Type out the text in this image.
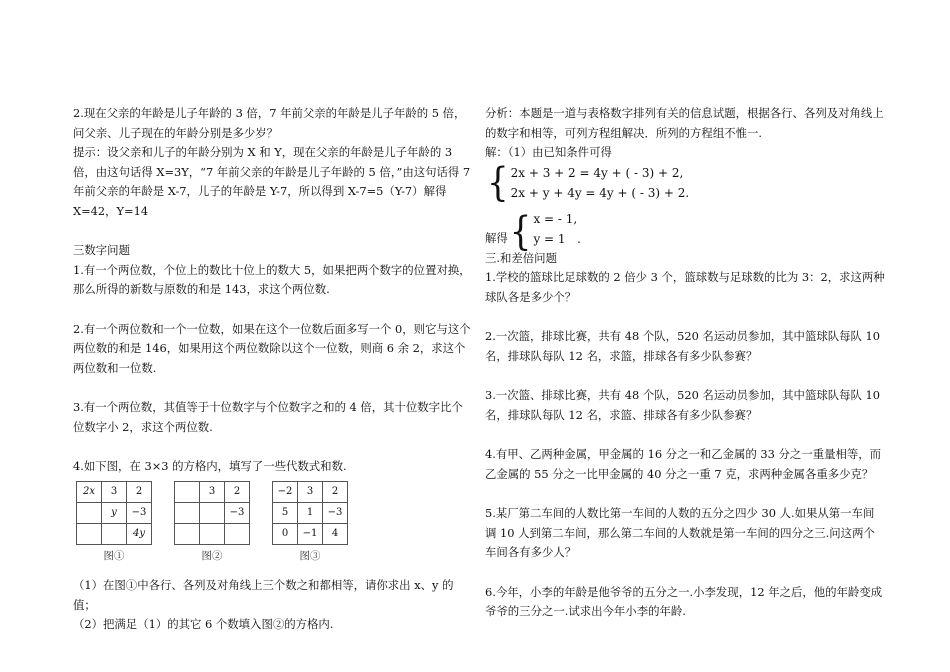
2.现在父亲的年龄是儿子年龄的 3 倍，7 年前父亲的年龄是儿子年龄的 5 倍，问父亲、儿子现在的年龄分别是多少岁？

提示：设父亲和儿子的年龄分别为 X 和 Y，现在父亲的年龄是儿子年龄的 3 倍，由这句话得 X=3Y，“7 年前父亲的年龄是儿子年龄的 5 倍，”由这句话得 7 年前父亲的年龄是 X-7，儿子的年龄是 Y-7，所以得到 X-7=5（Y-7）解得 X=42，Y=14

三数字问题

1.有一个两位数，个位上的数比十位上的数大 5，如果把两个数字的位置对换，那么所得的新数与原数的和是 143，求这个两位数.

2.有一个两位数和一个一位数，如果在这个一位数后面多写一个 0，则它与这个两位数的和是 146，如果用这个两位数除以这个一位数，则商 6 余 2，求这个两位数和一位数.

3.有一个两位数，其值等于十位数字与个位数字之和的 4 倍，其十位数字比个位数字小 2，求这个两位数.

4.如下图，在 3×3 的方格内，填写了一些代数式和数.

2x	3	2
	y	−3
		4y
图①
	3	2
		−3

图②
−2	3	2
5	1	−3
0	−1	4
图③

（1）在图①中各行、各列及对角线上三个数之和都相等，请你求出 x、y 的值；

（2）把满足（1）的其它 6 个数填入图②的方格内.

分析：本题是一道与表格数字排列有关的信息试题，根据各行、各列及对角线上的数字和相等，可列方程组解决．所列的方程组不惟一.

解：（1）由已知条件可得

{ 2x + 3 + 2 = 4y + ( - 3) + 2,
2x + y + 4y = 4y + ( - 3) + 2.
解得 { x = - 1,
y = 1 .

三.和差倍问题

1.学校的篮球比足球数的 2 倍少 3 个，篮球数与足球数的比为 3：2，求这两种球队各是多少个？

2.一次篮，排球比赛，共有 48 个队，520 名运动员参加，其中篮球队每队 10 名，排球队每队 12 名，求篮，排球各有多少队参赛？

3.一次篮、排球比赛，共有 48 个队，520 名运动员参加，其中篮球队每队 10 名，排球队每队 12 名，求篮、排球各有多少队参赛？

4.有甲、乙两种金属，甲金属的 16 分之一和乙金属的 33 分之一重量相等，而乙金属的 55 分之一比甲金属的 40 分之一重 7 克，求两种金属各重多少克？

5.某厂第二车间的人数比第一车间的人数的五分之四少 30 人.如果从第一车间调 10 人到第二车间，那么第二车间的人数就是第一车间的四分之三.问这两个车间各有多少人？

6.今年，小李的年龄是他爷爷的五分之一.小李发现，12 年之后，他的年龄变成爷爷的三分之一.试求出今年小李的年龄.
